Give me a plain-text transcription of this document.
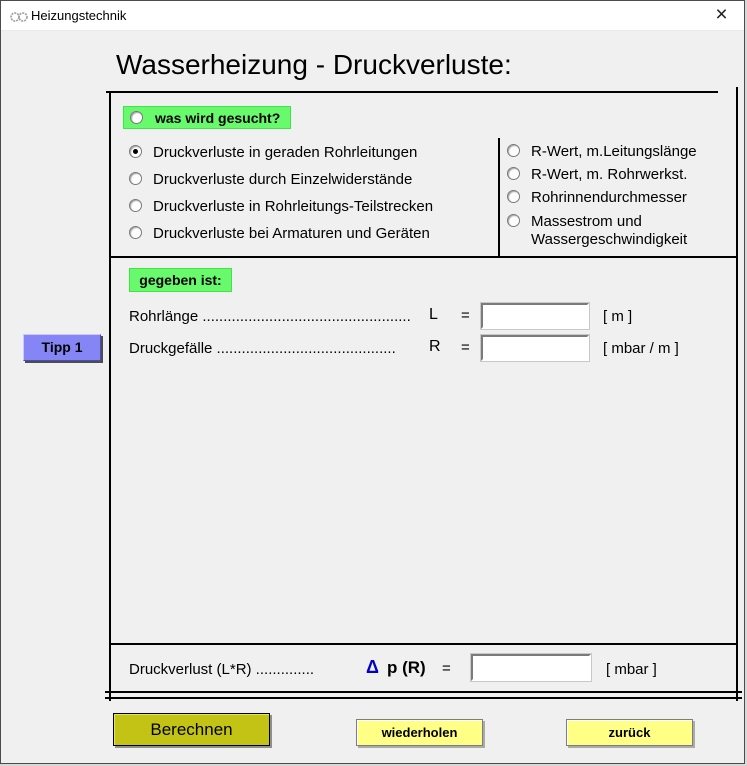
Heizungstechnik	×
Wasserheizung - Druckverluste:
was wird gesucht?
Druckverluste in geraden Rohrleitungen
Druckverluste durch Einzelwiderstände
Druckverluste in Rohrleitungs-Teilstrecken
Druckverluste bei Armaturen und Geräten
R-Wert, m.Leitungslänge
R-Wert, m. Rohrwerkst.
Rohrinnendurchmesser
Massestrom und Wassergeschwindigkeit
gegeben ist:
Rohrlänge .................................................. L =	[ m ]
Druckgefälle ........................................... R =	[ mbar / m ]
Tipp 1
Druckverlust (L*R) ..............	Δ p (R) =	[ mbar ]
Berechnen	wiederholen	zurück
